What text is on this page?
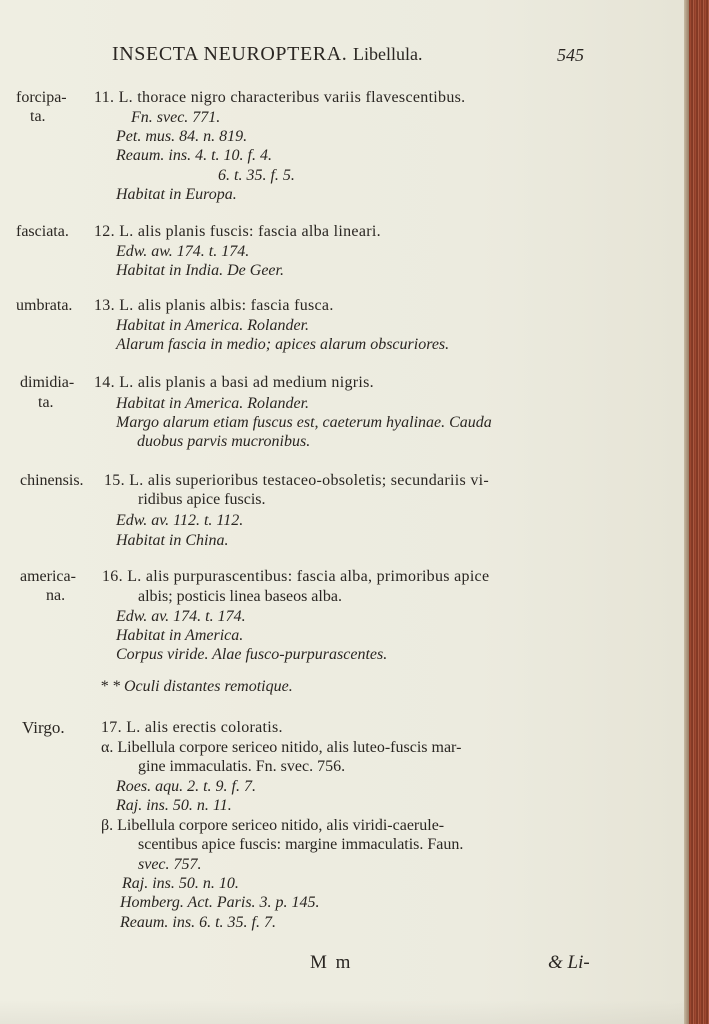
INSECTA NEUROPTERA. Libellula.	545
forcipa-
ta.
11. L. thorace nigro characteribus variis flavescentibus.
Fn. svec. 771.
Pet. mus. 84. n. 819.
Reaum. ins. 4. t. 10. f. 4.
6. t. 35. f. 5.
Habitat in Europa.
fasciata. 12. L. alis planis fuscis: fascia alba lineari.
Edw. aw. 174. t. 174.
Habitat in India. De Geer.
umbrata. 13. L. alis planis albis: fascia fusca.
Habitat in America. Rolander.
Alarum fascia in medio; apices alarum obscuriores.
dimidia-
ta.
14. L. alis planis a basi ad medium nigris.
Habitat in America. Rolander.
Margo alarum etiam fuscus est, caeterum hyalinae. Cauda
duobus parvis mucronibus.
chinensis. 15. L. alis superioribus testaceo-obsoletis; secundariis vi-
ridibus apice fuscis.
Edw. av. 112. t. 112.
Habitat in China.
america-
na.
16. L. alis purpurascentibus: fascia alba, primoribus apice
albis; posticis linea baseos alba.
Edw. av. 174. t. 174.
Habitat in America.
Corpus viride. Alae fusco-purpurascentes.
* * Oculi distantes remotique.
Virgo. 17. L. alis erectis coloratis.
α. Libellula corpore sericeo nitido, alis luteo-fuscis mar-
gine immaculatis. Fn. svec. 756.
Roes. aqu. 2. t. 9. f. 7.
Raj. ins. 50. n. 11.
β. Libellula corpore sericeo nitido, alis viridi-caerule-
scentibus apice fuscis: margine immaculatis. Faun.
svec. 757.
Raj. ins. 50. n. 10.
Homberg. Act. Paris. 3. p. 145.
Reaum. ins. 6. t. 35. f. 7.
M m	& Li-
